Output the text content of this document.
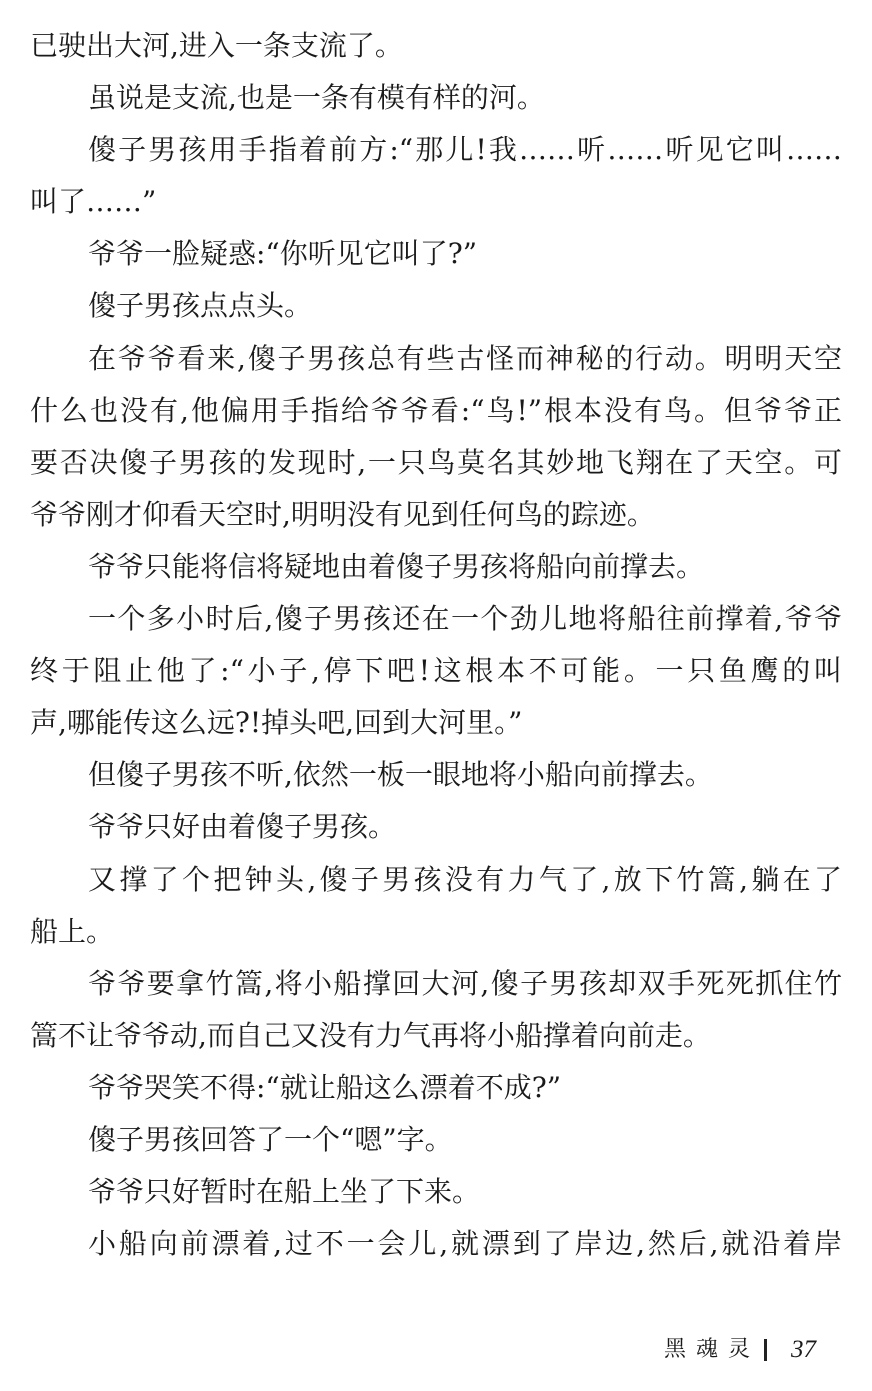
已驶出大河,进入一条支流了。
虽说是支流,也是一条有模有样的河。
傻子男孩用手指着前方:“那儿!我……听……听见它叫……
叫了……”
爷爷一脸疑惑:“你听见它叫了?”
傻子男孩点点头。
在爷爷看来,傻子男孩总有些古怪而神秘的行动。明明天空
什么也没有,他偏用手指给爷爷看:“鸟!”根本没有鸟。但爷爷正
要否决傻子男孩的发现时,一只鸟莫名其妙地飞翔在了天空。可
爷爷刚才仰看天空时,明明没有见到任何鸟的踪迹。
爷爷只能将信将疑地由着傻子男孩将船向前撑去。
一个多小时后,傻子男孩还在一个劲儿地将船往前撑着,爷爷
终于阻止他了:“小子,停下吧!这根本不可能。一只鱼鹰的叫
声,哪能传这么远?!掉头吧,回到大河里。”
但傻子男孩不听,依然一板一眼地将小船向前撑去。
爷爷只好由着傻子男孩。
又撑了个把钟头,傻子男孩没有力气了,放下竹篙,躺在了
船上。
爷爷要拿竹篙,将小船撑回大河,傻子男孩却双手死死抓住竹
篙不让爷爷动,而自己又没有力气再将小船撑着向前走。
爷爷哭笑不得:“就让船这么漂着不成?”
傻子男孩回答了一个“嗯”字。
爷爷只好暂时在船上坐了下来。
小船向前漂着,过不一会儿,就漂到了岸边,然后,就沿着岸
黑魂灵 37
